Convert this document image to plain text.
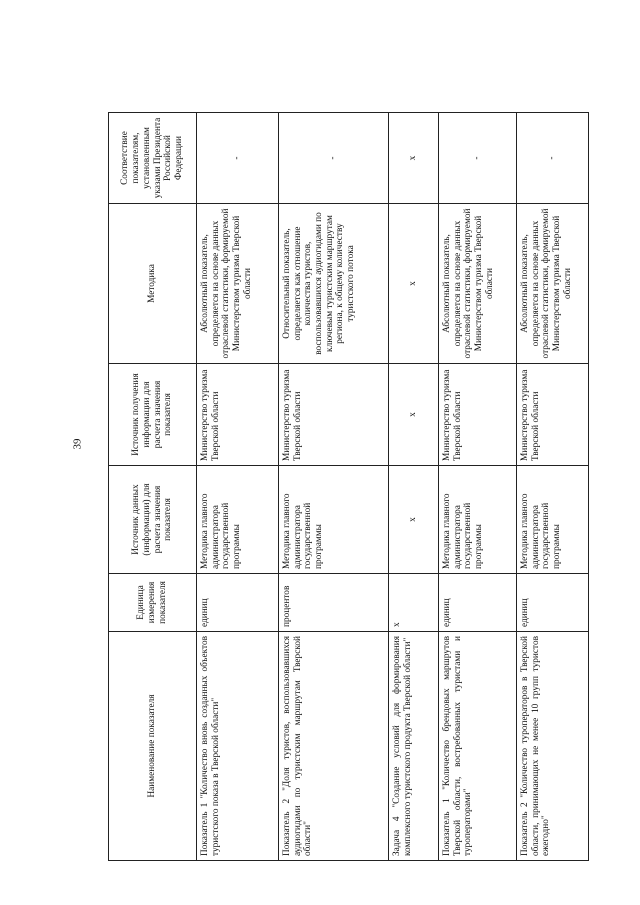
39
Наименование показателя	Единица измерения показателя	Источник данных (информации) для расчета значения показателя	Источник получения информации для расчета значения показателя	Методика	Соответствие показателям, установленным указами Президента Российской Федерации
Показатель 1 "Количество вновь созданных объектов туристского показа в Тверской области"	единиц	Методика главного администратора государственной программы	Министерство туризма Тверской области	Абсолютный показатель, определяется на основе данных отраслевой статистики, формируемой Министерством туризма Тверской области	-
Показатель 2 "Доля туристов, воспользовавшихся аудиогидами по туристским маршрутам Тверской области"	процентов	Методика главного администратора государственной программы	Министерство туризма Тверской области	Относительный показатель, определяется как отношение количества туристов, воспользовавшихся аудиогидами по ключевым туристским маршрутам региона, к общему количеству туристского потока	-
Задача 4 "Создание условий для формирования комплексного туристского продукта Тверской области"	x	x	x	x	x
Показатель 1 "Количество брендовых маршрутов Тверской области, востребованных туристами и туроператорами"	единиц	Методика главного администратора государственной программы	Министерство туризма Тверской области	Абсолютный показатель, определяется на основе данных отраслевой статистики, формируемой Министерством туризма Тверской области	-
Показатель 2 "Количество туроператоров в Тверской области, принимающих не менее 10 групп туристов ежегодно"	единиц	Методика главного администратора государственной программы	Министерство туризма Тверской области	Абсолютный показатель, определяется на основе данных отраслевой статистики, формируемой Министерством туризма Тверской области	-
